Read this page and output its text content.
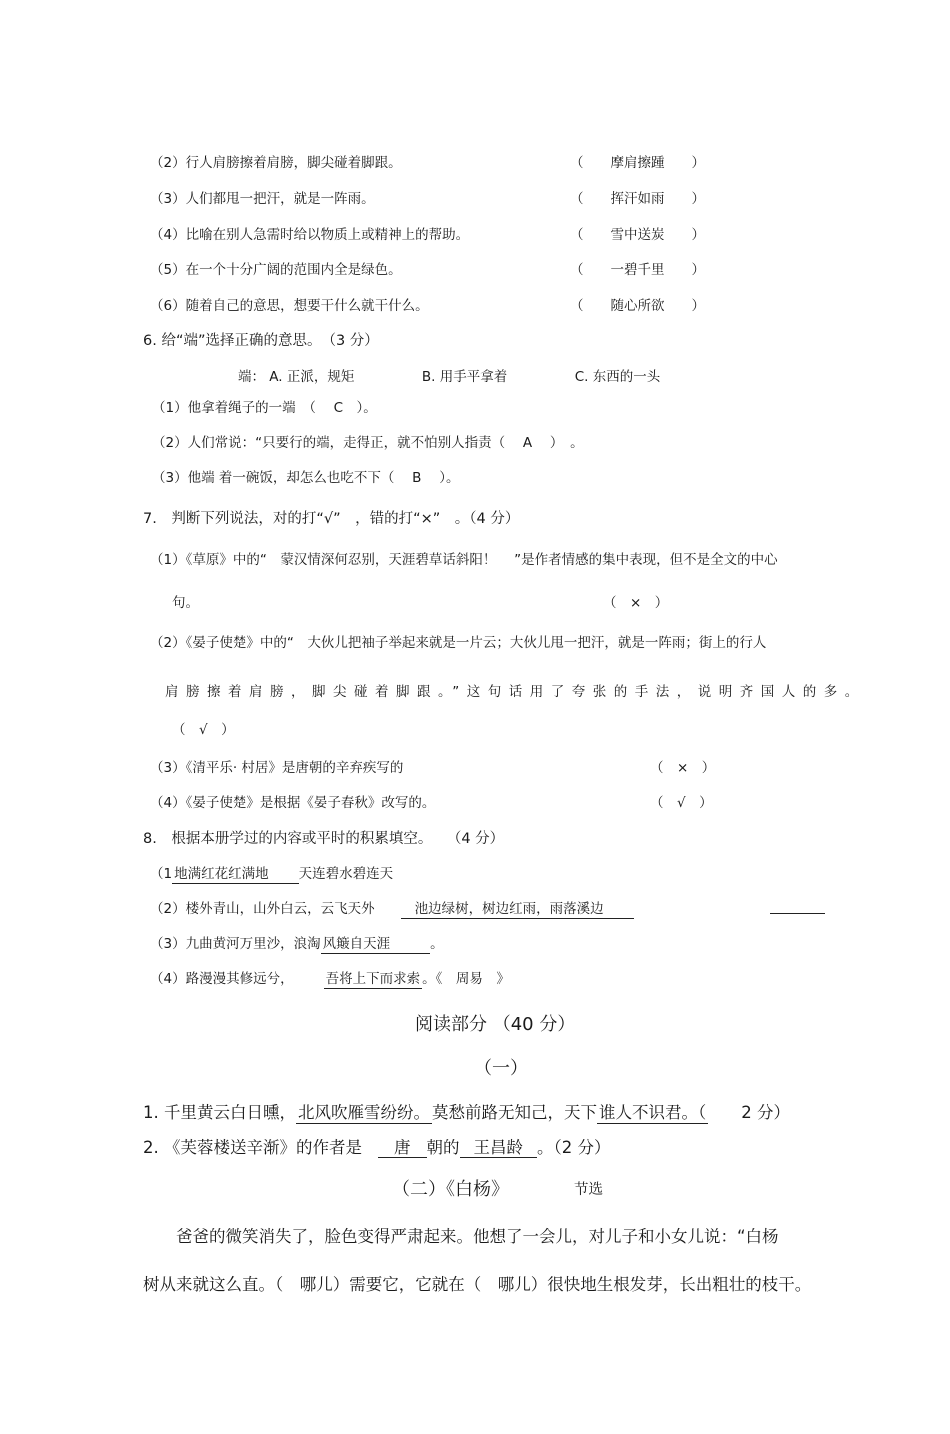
（2）行人肩膀擦着肩膀，脚尖碰着脚跟。	（　　摩肩擦踵　　）
（3）人们都甩一把汗，就是一阵雨。	（　　挥汗如雨　　）
（4）比喻在别人急需时给以物质上或精神上的帮助。	（　　雪中送炭　　）
（5）在一个十分广阔的范围内全是绿色。	（　　一碧千里　　）
（6）随着自己的意思，想要干什么就干什么。	（　　随心所欲　　）
6. 给“端”选择正确的意思。　（3 分）
端： A. 正派，规矩　　　　　B. 用手平拿着　　　　　C. 东西的一头
（1）他拿着绳子的一端　（　 C　）。
（2）人们常说：“只要行的端，走得正，就不怕别人指责（　 A　 ）　。
（3）他端 着一碗饭，却怎么也吃不下（　 B　 ）。
7.　判断下列说法，对的打“√”　，错的打“×”　。（4 分）
（1）《草原》中的“　蒙汉情深何忍别，天涯碧草话斜阳！　 ”是作者情感的集中表现，但不是全文的中心
句。	（　×　）
（2）《晏子使楚》中的“　大伙儿把袖子举起来就是一片云；大伙儿甩一把汗，就是一阵雨；街上的行人
肩膀擦着肩膀，脚尖碰着脚跟。”这句话用了夸张的手法，说明齐国人的多。
（　√　）
（3）《清平乐· 村居》是唐朝的辛弃疾写的	（　×　）
（4）《晏子使楚》是根据《晏子春秋》改写的。	（　√　）
8.　根据本册学过的内容或平时的积累填空。　　（4 分）
（1 地满红花红满地 天连碧水碧连天
（2）楼外青山，山外白云，云飞天外	池边绿树，树边红雨，雨落溪边
（3）九曲黄河万里沙，浪淘 风簸自天涯	。
（4）路漫漫其修远兮， 吾将上下而求索 。《　周易　》
阅读部分 （40 分）
（一）
1. 千里黄云白日曛， 北风吹雁雪纷纷。 莫愁前路无知己，天下 谁人不识君。（　　2 分）
2. 《芙蓉楼送辛渐》的作者是 唐 朝的 王昌龄 。（2 分）
（二）《白杨》	节选
爸爸的微笑消失了，脸色变得严肃起来。他想了一会儿，对儿子和小女儿说：“白杨
树从来就这么直。（　哪儿）需要它，它就在（　哪儿）很快地生根发芽，长出粗壮的枝干。
